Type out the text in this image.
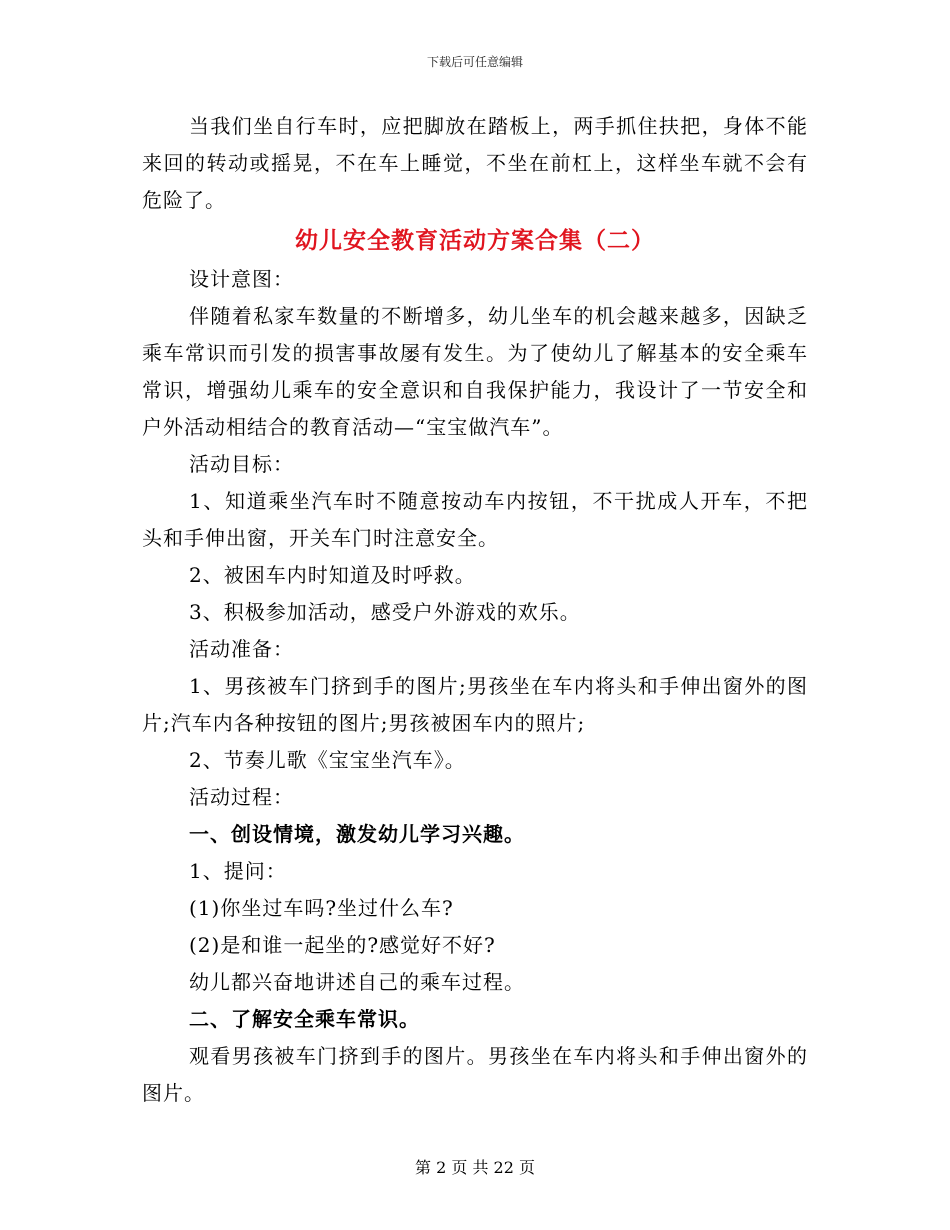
下载后可任意编辑

当我们坐自行车时，应把脚放在踏板上，两手抓住扶把，身体不能来回的转动或摇晃，不在车上睡觉，不坐在前杠上，这样坐车就不会有危险了。

幼儿安全教育活动方案合集（二）

设计意图：

伴随着私家车数量的不断增多，幼儿坐车的机会越来越多，因缺乏乘车常识而引发的损害事故屡有发生。为了使幼儿了解基本的安全乘车常识，增强幼儿乘车的安全意识和自我保护能力，我设计了一节安全和户外活动相结合的教育活动—“宝宝做汽车”。

活动目标：

1、知道乘坐汽车时不随意按动车内按钮，不干扰成人开车，不把头和手伸出窗，开关车门时注意安全。

2、被困车内时知道及时呼救。

3、积极参加活动，感受户外游戏的欢乐。

活动准备：

1、男孩被车门挤到手的图片;男孩坐在车内将头和手伸出窗外的图片;汽车内各种按钮的图片;男孩被困车内的照片;

2、节奏儿歌《宝宝坐汽车》。

活动过程：

一、创设情境，激发幼儿学习兴趣。

1、提问：

(1)你坐过车吗?坐过什么车?

(2)是和谁一起坐的?感觉好不好?

幼儿都兴奋地讲述自己的乘车过程。

二、了解安全乘车常识。

观看男孩被车门挤到手的图片。男孩坐在车内将头和手伸出窗外的图片。

第 2 页 共 22 页
